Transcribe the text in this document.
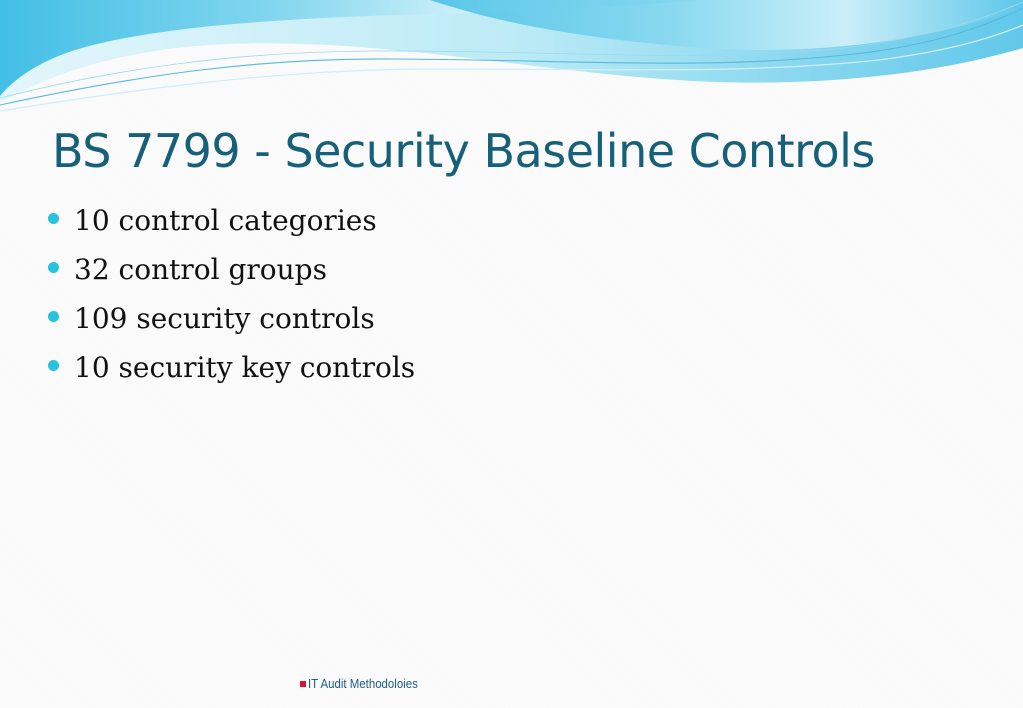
BS 7799 - Security Baseline Controls
10 control categories
32 control groups
109 security controls
10 security key controls
IT Audit Methodoloies
